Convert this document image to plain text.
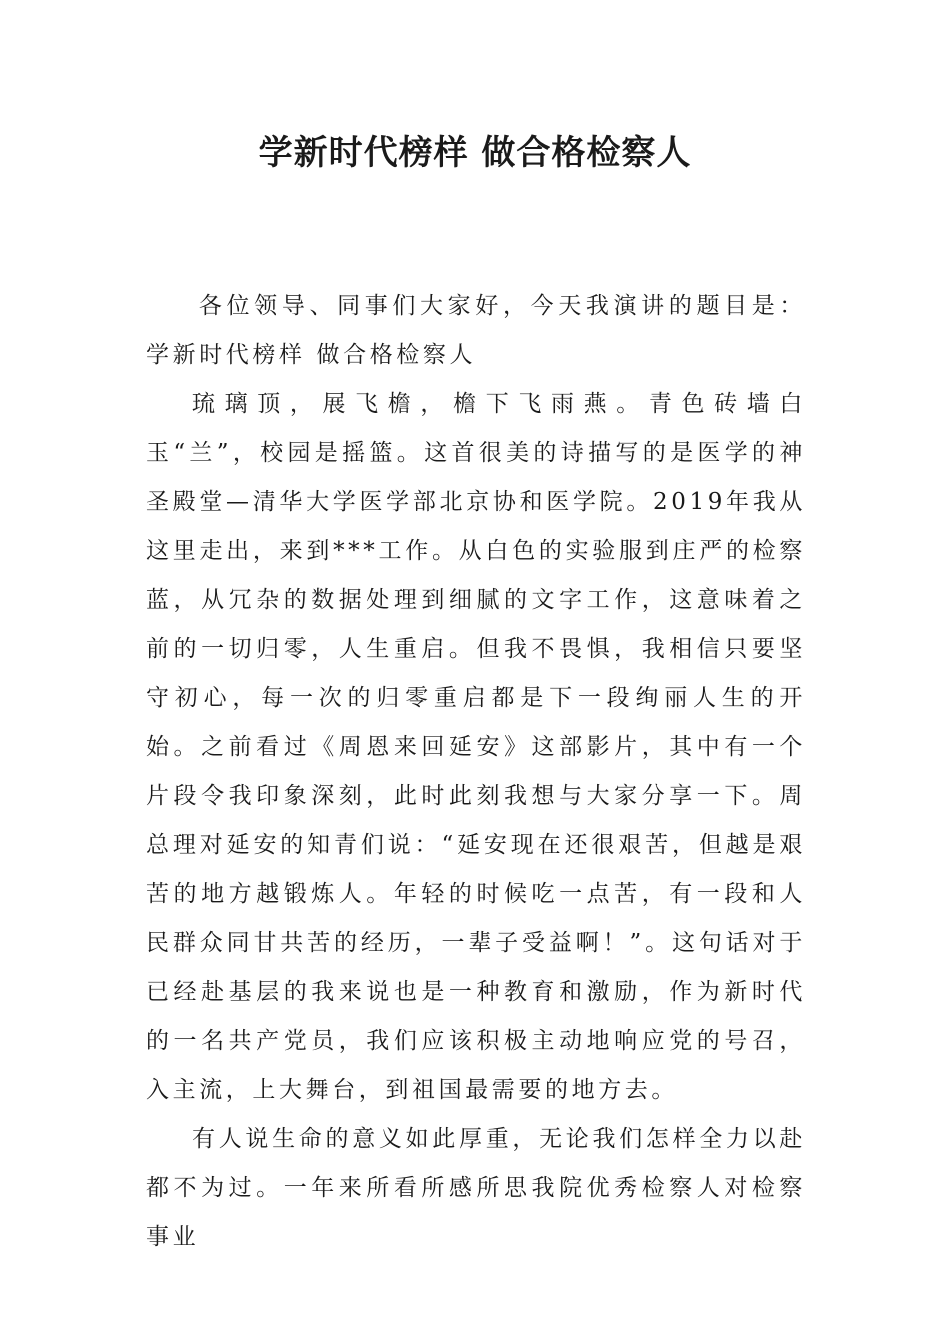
学新时代榜样 做合格检察人

各位领导、同事们大家好，今天我演讲的题目是：学新时代榜样 做合格检察人

琉璃顶，展飞檐，檐下飞雨燕。青色砖墙白玉“兰”，校园是摇篮。这首很美的诗描写的是医学的神圣殿堂—清华大学医学部北京协和医学院。2019年我从这里走出，来到***工作。从白色的实验服到庄严的检察蓝，从冗杂的数据处理到细腻的文字工作，这意味着之前的一切归零，人生重启。但我不畏惧，我相信只要坚守初心，每一次的归零重启都是下一段绚丽人生的开始。之前看过《周恩来回延安》这部影片，其中有一个片段令我印象深刻，此时此刻我想与大家分享一下。周总理对延安的知青们说：“延安现在还很艰苦，但越是艰苦的地方越锻炼人。年轻的时候吃一点苦，有一段和人民群众同甘共苦的经历，一辈子受益啊！”。这句话对于已经赴基层的我来说也是一种教育和激励，作为新时代的一名共产党员，我们应该积极主动地响应党的号召，入主流，上大舞台，到祖国最需要的地方去。

有人说生命的意义如此厚重，无论我们怎样全力以赴都不为过。一年来所看所感所思我院优秀检察人对检察事业
